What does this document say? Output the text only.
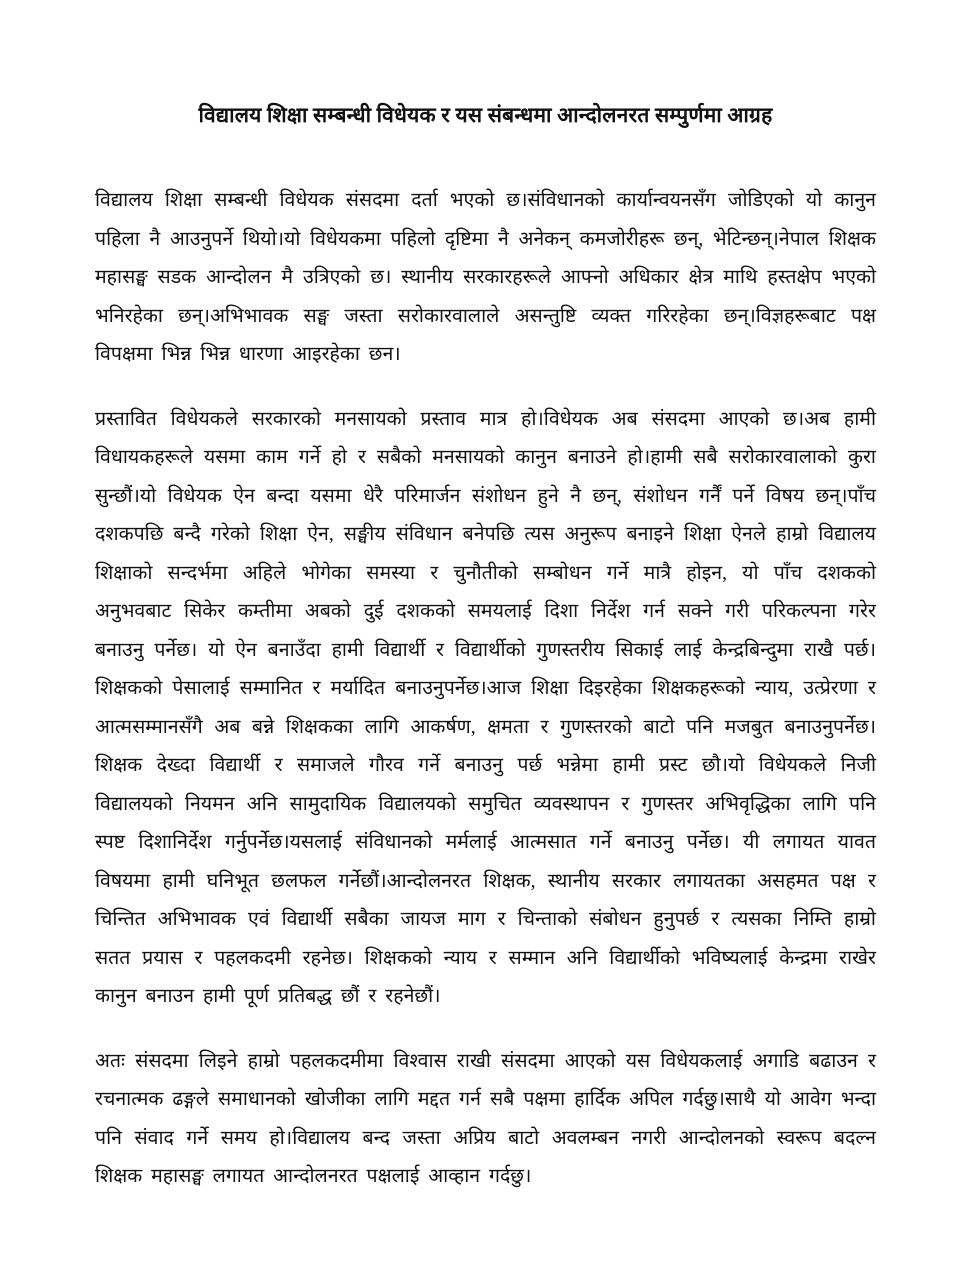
विद्यालय शिक्षा सम्बन्धी विधेयक र यस संबन्धमा आन्दोलनरत सम्पुर्णमा आग्रह

विद्यालय शिक्षा सम्बन्धी विधेयक संसदमा दर्ता भएको छ।संविधानको कार्यान्वयनसँग जोडिएको यो कानुन पहिला नै आउनुपर्ने थियो।यो विधेयकमा पहिलो दृष्टिमा नै अनेकन् कमजोरीहरू छन्, भेटिन्छन्।नेपाल शिक्षक महासङ्घ सडक आन्दोलन मै उत्रिएको छ। स्थानीय सरकारहरूले आफ्नो अधिकार क्षेत्र माथि हस्तक्षेप भएको भनिरहेका छन्।अभिभावक सङ्घ जस्ता सरोकारवालाले असन्तुष्टि व्यक्त गरिरहेका छन्।विज्ञहरूबाट पक्ष विपक्षमा भिन्न भिन्न धारणा आइरहेका छन।

प्रस्तावित विधेयकले सरकारको मनसायको प्रस्ताव मात्र हो।विधेयक अब संसदमा आएको छ।अब हामी विधायकहरूले यसमा काम गर्ने हो र सबैको मनसायको कानुन बनाउने हो।हामी सबै सरोकारवालाको कुरा सुन्छौं।यो विधेयक ऐन बन्दा यसमा धेरै परिमार्जन संशोधन हुने नै छन्, संशोधन गर्नैं पर्ने विषय छन्।पाँच दशकपछि बन्दै गरेको शिक्षा ऐन, सङ्घीय संविधान बनेपछि त्यस अनुरूप बनाइने शिक्षा ऐनले हाम्रो विद्यालय शिक्षाको सन्दर्भमा अहिले भोगेका समस्या र चुनौतीको सम्बोधन गर्ने मात्रै होइन, यो पाँच दशकको अनुभवबाट सिकेर कम्तीमा अबको दुई दशकको समयलाई दिशा निर्देश गर्न सक्ने गरी परिकल्पना गरेर बनाउनु पर्नेछ। यो ऐन बनाउँदा हामी विद्यार्थी र विद्यार्थीको गुणस्तरीय सिकाई लाई केन्द्रबिन्दुमा राखै पर्छ।शिक्षकको पेसालाई सम्मानित र मर्यादित बनाउनुपर्नेछ।आज शिक्षा दिइरहेका शिक्षकहरूको न्याय, उत्प्रेरणा र आत्मसम्मानसँगै अब बन्ने शिक्षकका लागि आकर्षण, क्षमता र गुणस्तरको बाटो पनि मजबुत बनाउनुपर्नेछ। शिक्षक देख्दा विद्यार्थी र समाजले गौरव गर्ने बनाउनु पर्छ भन्नेमा हामी प्रस्ट छौ।यो विधेयकले निजी विद्यालयको नियमन अनि सामुदायिक विद्यालयको समुचित व्यवस्थापन र गुणस्तर अभिवृद्धिका लागि पनि स्पष्ट दिशानिर्देश गर्नुपर्नेछ।यसलाई संविधानको मर्मलाई आत्मसात गर्ने बनाउनु पर्नेछ। यी लगायत यावत विषयमा हामी घनिभूत छलफल गर्नेछौं।आन्दोलनरत शिक्षक, स्थानीय सरकार लगायतका असहमत पक्ष र चिन्तित अभिभावक एवं विद्यार्थी सबैका जायज माग र चिन्ताको संबोधन हुनुपर्छ र त्यसका निम्ति हाम्रो सतत प्रयास र पहलकदमी रहनेछ। शिक्षकको न्याय र सम्मान अनि विद्यार्थीको भविष्यलाई केन्द्रमा राखेर कानुन बनाउन हामी पूर्ण प्रतिबद्ध छौं र रहनेछौं।

अतः संसदमा लिइने हाम्रो पहलकदमीमा विश्वास राखी संसदमा आएको यस विधेयकलाई अगाडि बढाउन र रचनात्मक ढङ्गले समाधानको खोजीका लागि मद्दत गर्न सबै पक्षमा हार्दिक अपिल गर्दछु।साथै यो आवेग भन्दा पनि संवाद गर्ने समय हो।विद्यालय बन्द जस्ता अप्रिय बाटो अवलम्बन नगरी आन्दोलनको स्वरूप बदल्न शिक्षक महासङ्घ लगायत आन्दोलनरत पक्षलाई आव्हान गर्दछु।
